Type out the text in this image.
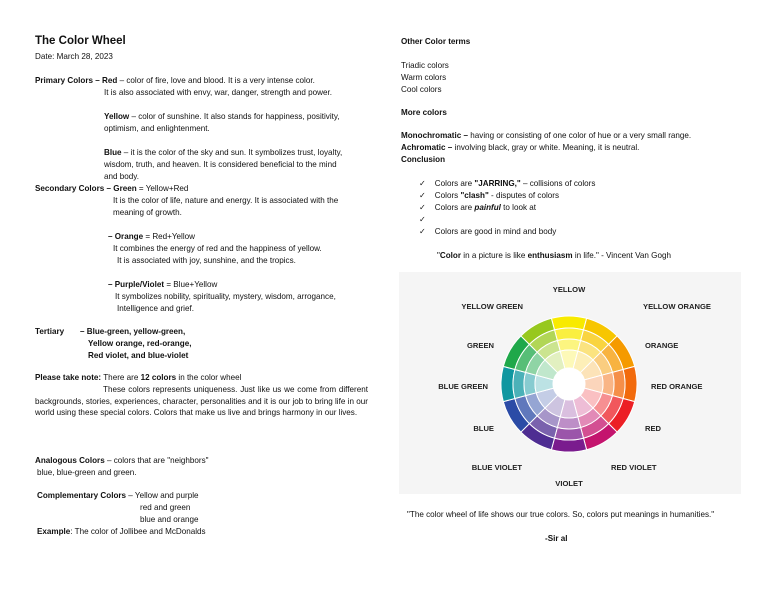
The Color Wheel
Date: March 28, 2023
Primary Colors – Red – color of fire, love and blood. It is a very intense color.
It is also associated with envy, war, danger, strength and power.
Yellow – color of sunshine. It also stands for happiness, positivity,
optimism, and enlightenment.
Blue – it is the color of the sky and sun. It symbolizes trust, loyalty,
wisdom, truth, and heaven. It is considered beneficial to the mind
and body.
Secondary Colors – Green = Yellow+Red
It is the color of life, nature and energy. It is associated with the
meaning of growth.
– Orange = Red+Yellow
It combines the energy of red and the happiness of yellow.
It is associated with joy, sunshine, and the tropics.
– Purple/Violet = Blue+Yellow
It symbolizes nobility, spirituality, mystery, wisdom, arrogance,
Intelligence and grief.
Tertiary – Blue-green, yellow-green,
Yellow orange, red-orange,
Red violet, and blue-violet
Please take note: There are 12 colors in the color wheel
These colors represents uniqueness. Just like us we come from different backgrounds, stories, experiences, character, personalities and it is our job to bring life in our world using these special colors. Colors that make us live and brings harmony in our lives.
Analogous Colors – colors that are "neighbors"
blue, blue-green and green.
Complementary Colors – Yellow and purple
red and green
blue and orange
Example: The color of Jollibee and McDonalds
Other Color terms
Triadic colors
Warm colors
Cool colors
More colors
Monochromatic – having or consisting of one color of hue or a very small range.
Achromatic – involving black, gray or white. Meaning, it is neutral.
Conclusion
✓ Colors are "JARRING," – collisions of colors
✓ Colors "clash" - disputes of colors
✓ Colors are painful to look at
✓
✓ Colors are good in mind and body
"Color in a picture is like enthusiasm in life." - Vincent Van Gogh
YELLOW
YELLOW ORANGE
ORANGE
RED ORANGE
RED
RED VIOLET
VIOLET
BLUE VIOLET
BLUE
BLUE GREEN
GREEN
YELLOW GREEN
"The color wheel of life shows our true colors. So, colors put meanings in humanities."
-Sir al
